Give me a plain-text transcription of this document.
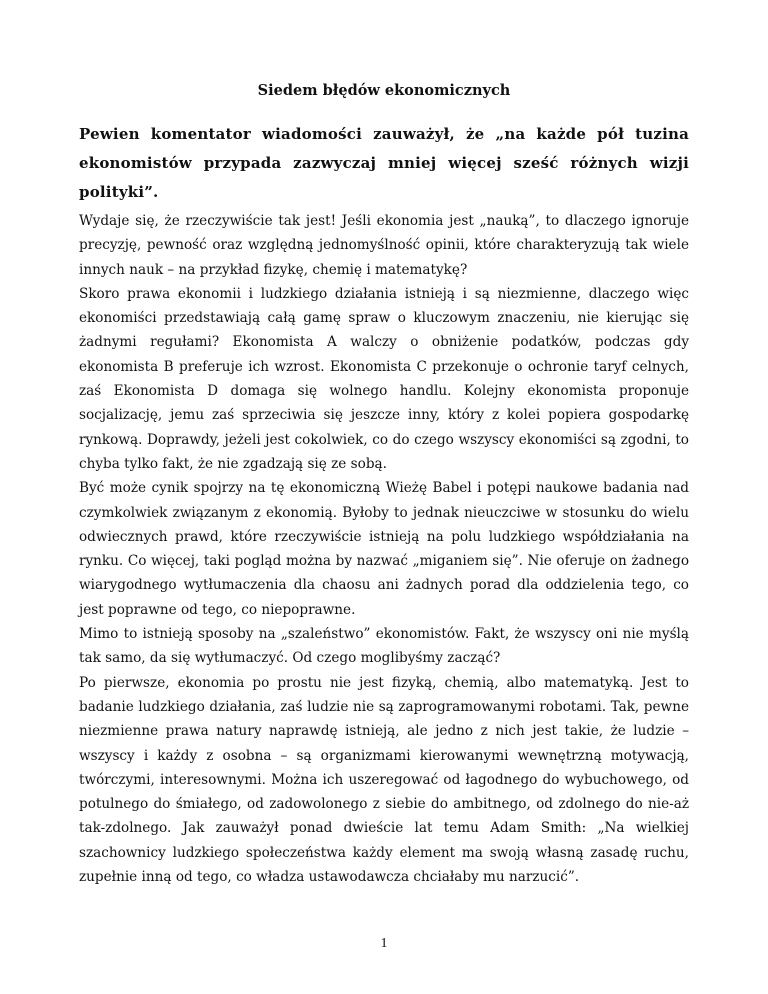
Siedem błędów ekonomicznych

Pewien komentator wiadomości zauważył, że „na każde pół tuzina ekonomistów przypada zazwyczaj mniej więcej sześć różnych wizji polityki”.

Wydaje się, że rzeczywiście tak jest! Jeśli ekonomia jest „nauką”, to dlaczego ignoruje precyzję, pewność oraz względną jednomyślność opinii, które charakteryzują tak wiele innych nauk – na przykład fizykę, chemię i matematykę?

Skoro prawa ekonomii i ludzkiego działania istnieją i są niezmienne, dlaczego więc ekonomiści przedstawiają całą gamę spraw o kluczowym znaczeniu, nie kierując się żadnymi regułami? Ekonomista A walczy o obniżenie podatków, podczas gdy ekonomista B preferuje ich wzrost. Ekonomista C przekonuje o ochronie taryf celnych, zaś Ekonomista D domaga się wolnego handlu. Kolejny ekonomista proponuje socjalizację, jemu zaś sprzeciwia się jeszcze inny, który z kolei popiera gospodarkę rynkową. Doprawdy, jeżeli jest cokolwiek, co do czego wszyscy ekonomiści są zgodni, to chyba tylko fakt, że nie zgadzają się ze sobą.

Być może cynik spojrzy na tę ekonomiczną Wieżę Babel i potępi naukowe badania nad czymkolwiek związanym z ekonomią. Byłoby to jednak nieuczciwe w stosunku do wielu odwiecznych prawd, które rzeczywiście istnieją na polu ludzkiego współdziałania na rynku. Co więcej, taki pogląd można by nazwać „miganiem się”. Nie oferuje on żadnego wiarygodnego wytłumaczenia dla chaosu ani żadnych porad dla oddzielenia tego, co jest poprawne od tego, co niepoprawne.

Mimo to istnieją sposoby na „szaleństwo” ekonomistów. Fakt, że wszyscy oni nie myślą tak samo, da się wytłumaczyć. Od czego moglibyśmy zacząć?

Po pierwsze, ekonomia po prostu nie jest fizyką, chemią, albo matematyką. Jest to badanie ludzkiego działania, zaś ludzie nie są zaprogramowanymi robotami. Tak, pewne niezmienne prawa natury naprawdę istnieją, ale jedno z nich jest takie, że ludzie – wszyscy i każdy z osobna – są organizmami kierowanymi wewnętrzną motywacją, twórczymi, interesownymi. Można ich uszeregować od łagodnego do wybuchowego, od potulnego do śmiałego, od zadowolonego z siebie do ambitnego, od zdolnego do nie-aż tak-zdolnego. Jak zauważył ponad dwieście lat temu Adam Smith: „Na wielkiej szachownicy ludzkiego społeczeństwa każdy element ma swoją własną zasadę ruchu, zupełnie inną od tego, co władza ustawodawcza chciałaby mu narzucić”.

1
